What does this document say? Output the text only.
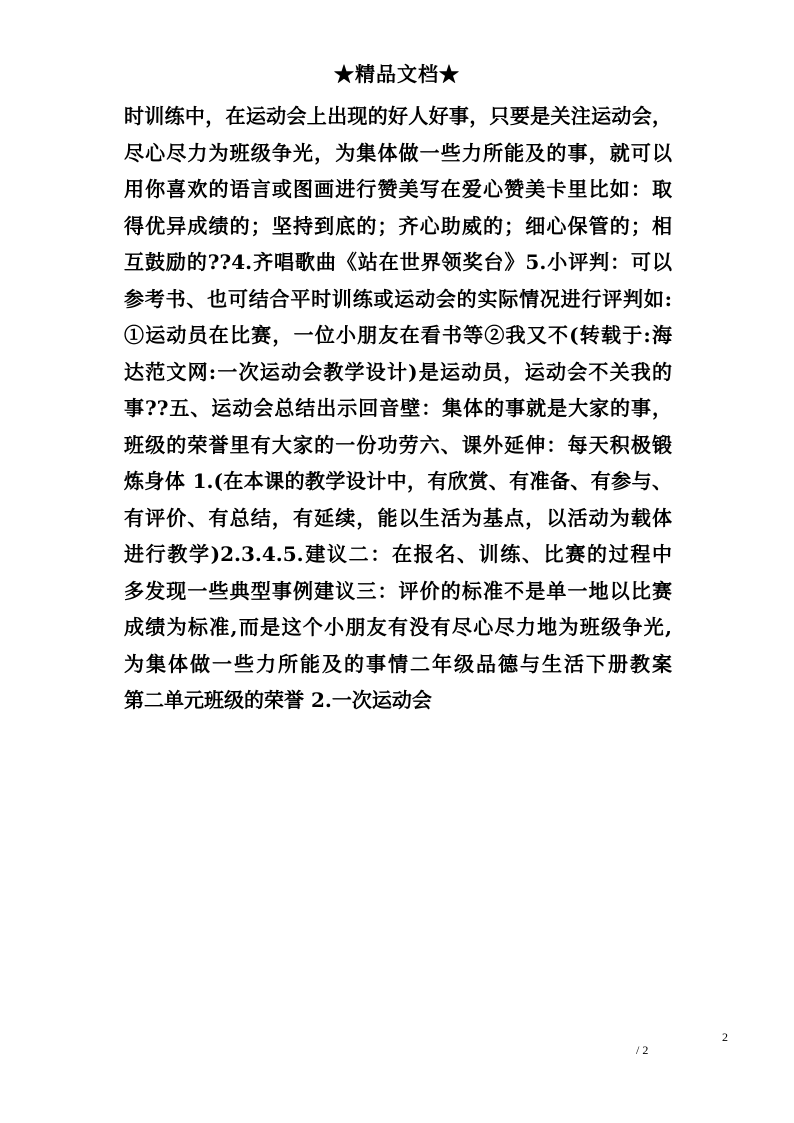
★精品文档★
时训练中，在运动会上出现的好人好事，只要是关注运动会，
尽心尽力为班级争光，为集体做一些力所能及的事，就可以
用你喜欢的语言或图画进行赞美写在爱心赞美卡里比如：取
得优异成绩的；坚持到底的；齐心助威的；细心保管的；相
互鼓励的??4.齐唱歌曲《站在世界领奖台》5.小评判：可以
参考书、也可结合平时训练或运动会的实际情况进行评判如:
①运动员在比赛，一位小朋友在看书等②我又不(转载于:海
达范文网:一次运动会教学设计)是运动员，运动会不关我的
事??五、运动会总结出示回音壁：集体的事就是大家的事，
班级的荣誉里有大家的一份功劳六、课外延伸：每天积极锻
炼身体 1.(在本课的教学设计中，有欣赏、有准备、有参与、
有评价、有总结，有延续，能以生活为基点，以活动为载体
进行教学)2.3.4.5.建议二：在报名、训练、比赛的过程中
多发现一些典型事例建议三：评价的标准不是单一地以比赛
成绩为标准,而是这个小朋友有没有尽心尽力地为班级争光,
为集体做一些力所能及的事情二年级品德与生活下册教案
第二单元班级的荣誉 2.一次运动会
2
/ 2
